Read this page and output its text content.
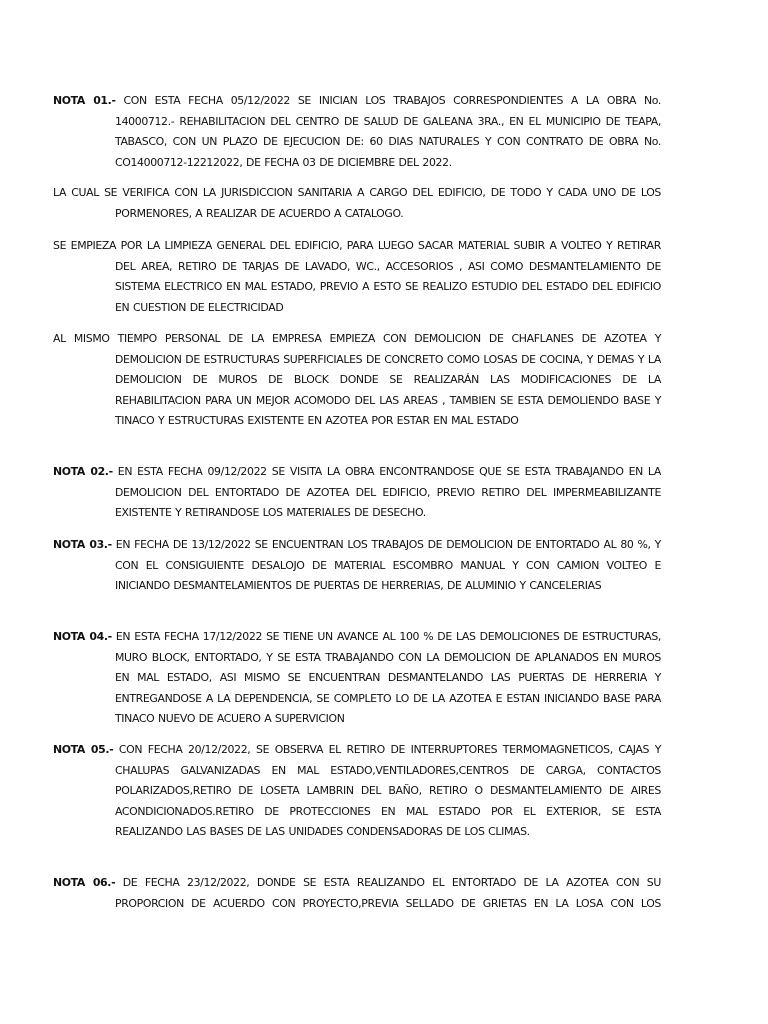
NOTA 01.- CON ESTA FECHA 05/12/2022 SE INICIAN LOS TRABAJOS CORRESPONDIENTES A LA OBRA No. 14000712.- REHABILITACION DEL CENTRO DE SALUD DE GALEANA 3RA., EN EL MUNICIPIO DE TEAPA, TABASCO, CON UN PLAZO DE EJECUCION DE: 60 DIAS NATURALES Y CON CONTRATO DE OBRA No. CO14000712-12212022, DE FECHA 03 DE DICIEMBRE DEL 2022.

LA CUAL SE VERIFICA CON LA JURISDICCION SANITARIA A CARGO DEL EDIFICIO, DE TODO Y CADA UNO DE LOS PORMENORES, A REALIZAR DE ACUERDO A CATALOGO.

SE EMPIEZA POR LA LIMPIEZA GENERAL DEL EDIFICIO, PARA LUEGO SACAR MATERIAL SUBIR A VOLTEO Y RETIRAR DEL AREA, RETIRO DE TARJAS DE LAVADO, WC., ACCESORIOS , ASI COMO DESMANTELAMIENTO DE SISTEMA ELECTRICO EN MAL ESTADO, PREVIO A ESTO SE REALIZO ESTUDIO DEL ESTADO DEL EDIFICIO EN CUESTION DE ELECTRICIDAD

AL MISMO TIEMPO PERSONAL DE LA EMPRESA EMPIEZA CON DEMOLICION DE CHAFLANES DE AZOTEA Y DEMOLICION DE ESTRUCTURAS SUPERFICIALES DE CONCRETO COMO LOSAS DE COCINA, Y DEMAS Y LA DEMOLICION DE MUROS DE BLOCK DONDE SE REALIZARÁN LAS MODIFICACIONES DE LA REHABILITACION PARA UN MEJOR ACOMODO DEL LAS AREAS , TAMBIEN SE ESTA DEMOLIENDO BASE Y TINACO Y ESTRUCTURAS EXISTENTE EN AZOTEA POR ESTAR EN MAL ESTADO

NOTA 02.- EN ESTA FECHA 09/12/2022 SE VISITA LA OBRA ENCONTRANDOSE QUE SE ESTA TRABAJANDO EN LA DEMOLICION DEL ENTORTADO DE AZOTEA DEL EDIFICIO, PREVIO RETIRO DEL IMPERMEABILIZANTE EXISTENTE Y RETIRANDOSE LOS MATERIALES DE DESECHO.

NOTA 03.- EN FECHA DE 13/12/2022 SE ENCUENTRAN LOS TRABAJOS DE DEMOLICION DE ENTORTADO AL 80 %, Y CON EL CONSIGUIENTE DESALOJO DE MATERIAL ESCOMBRO MANUAL Y CON CAMION VOLTEO E INICIANDO DESMANTELAMIENTOS DE PUERTAS DE HERRERIAS, DE ALUMINIO Y CANCELERIAS

NOTA 04.- EN ESTA FECHA 17/12/2022 SE TIENE UN AVANCE AL 100 % DE LAS DEMOLICIONES DE ESTRUCTURAS, MURO BLOCK, ENTORTADO, Y SE ESTA TRABAJANDO CON LA DEMOLICION DE APLANADOS EN MUROS EN MAL ESTADO, ASI MISMO SE ENCUENTRAN DESMANTELANDO LAS PUERTAS DE HERRERIA Y ENTREGANDOSE A LA DEPENDENCIA, SE COMPLETO LO DE LA AZOTEA E ESTAN INICIANDO BASE PARA TINACO NUEVO DE ACUERO A SUPERVICION

NOTA 05.- CON FECHA 20/12/2022, SE OBSERVA EL RETIRO DE INTERRUPTORES TERMOMAGNETICOS, CAJAS Y CHALUPAS GALVANIZADAS EN MAL ESTADO,VENTILADORES,CENTROS DE CARGA, CONTACTOS POLARIZADOS,RETIRO DE LOSETA LAMBRIN DEL BAÑO, RETIRO O DESMANTELAMIENTO DE AIRES ACONDICIONADOS.RETIRO DE PROTECCIONES EN MAL ESTADO POR EL EXTERIOR, SE ESTA REALIZANDO LAS BASES DE LAS UNIDADES CONDENSADORAS DE LOS CLIMAS.

NOTA 06.- DE FECHA 23/12/2022, DONDE SE ESTA REALIZANDO EL ENTORTADO DE LA AZOTEA CON SU PROPORCION DE ACUERDO CON PROYECTO,PREVIA SELLADO DE GRIETAS EN LA LOSA CON LOS
